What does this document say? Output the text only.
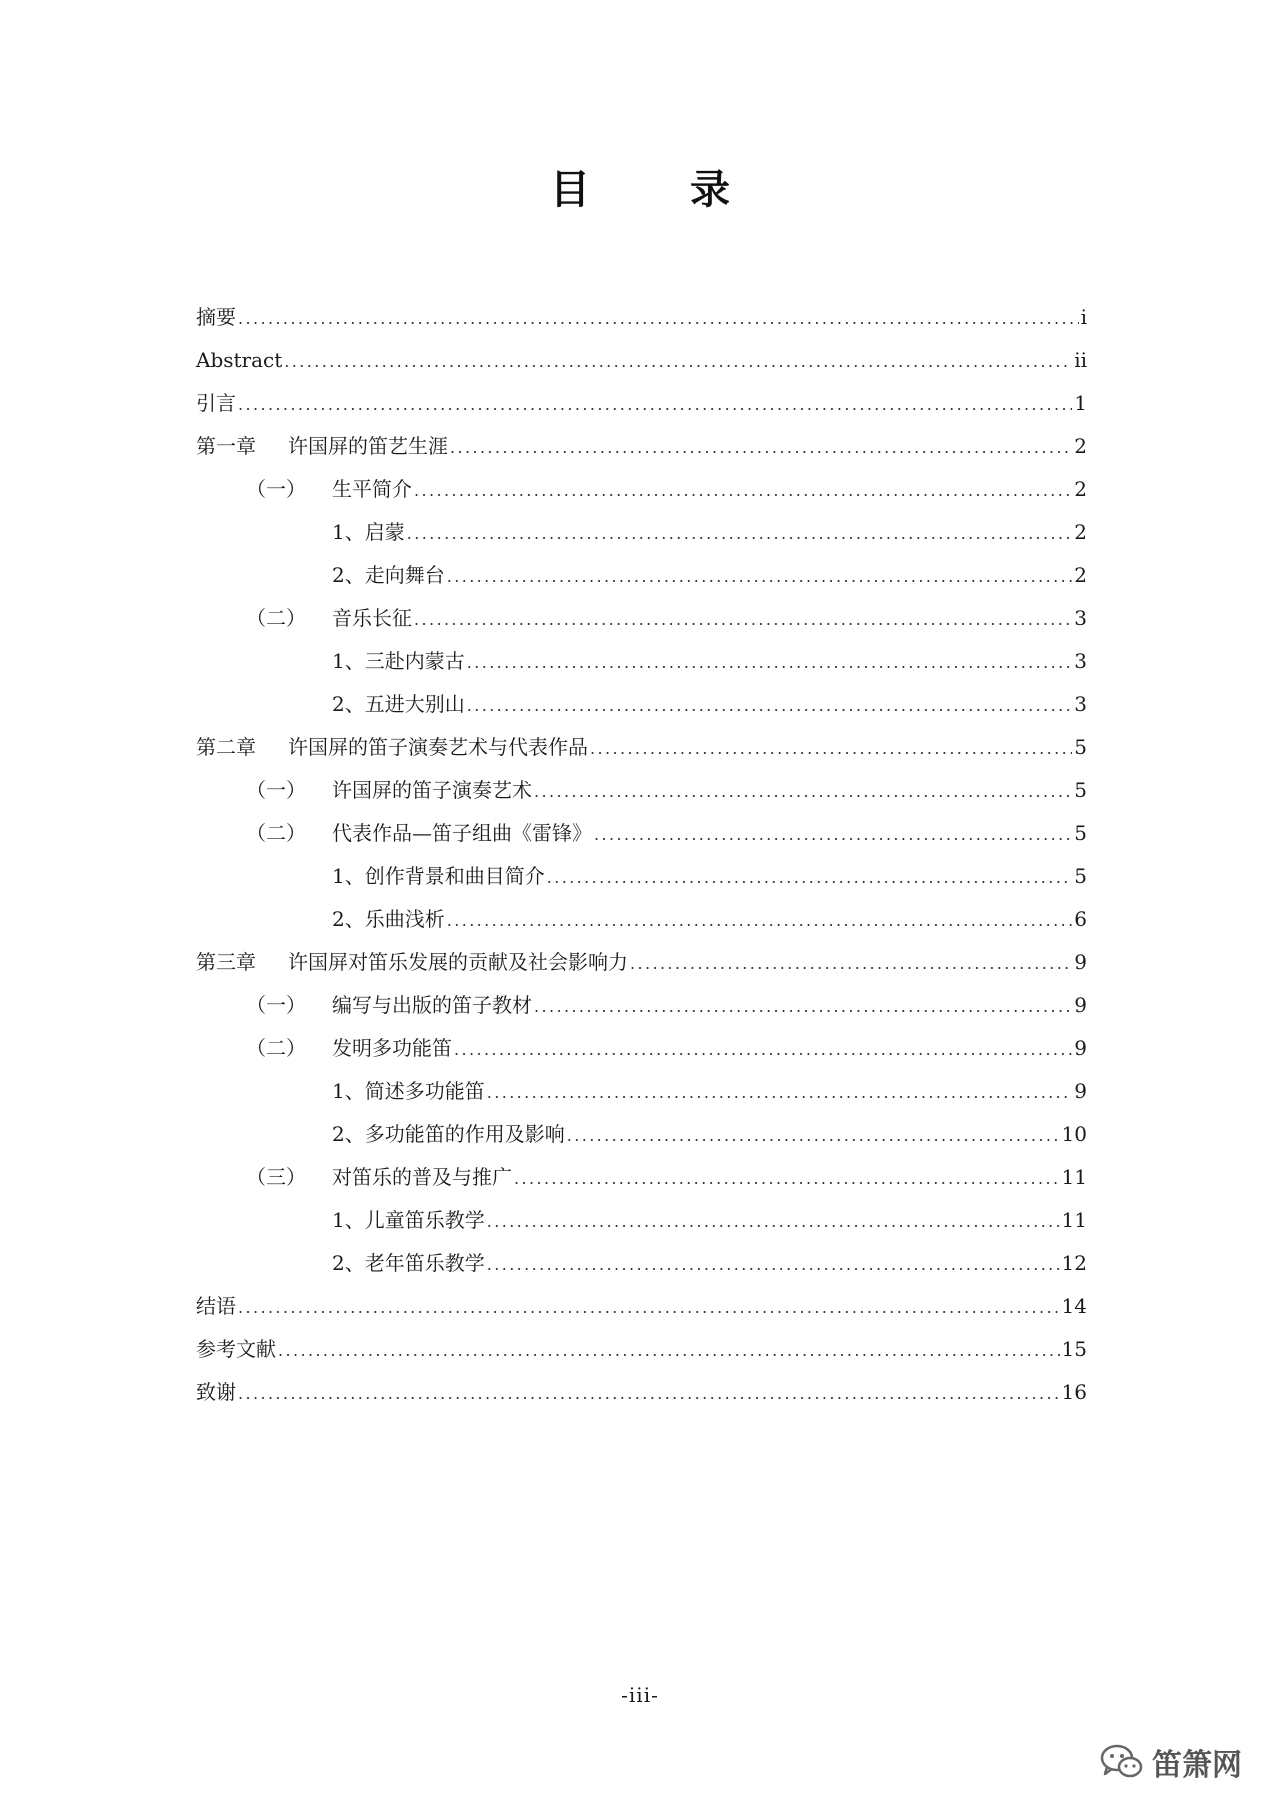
目　录
摘要 .....	i
Abstract .....	ii
引言 .....	1
第一章	许国屏的笛艺生涯 .....	2
（一）	生平简介 .....	2
1、启蒙 .....	2
2、走向舞台 .....	2
（二）	音乐长征 .....	3
1、三赴内蒙古 .....	3
2、五进大别山 .....	3
第二章	许国屏的笛子演奏艺术与代表作品 .....	5
（一）	许国屏的笛子演奏艺术 .....	5
（二）	代表作品—笛子组曲《雷锋》 .....	5
1、创作背景和曲目简介 .....	5
2、乐曲浅析 .....	6
第三章	许国屏对笛乐发展的贡献及社会影响力 .....	9
（一）	编写与出版的笛子教材 .....	9
（二）	发明多功能笛 .....	9
1、简述多功能笛 .....	9
2、多功能笛的作用及影响 .....	10
（三）	对笛乐的普及与推广 .....	11
1、儿童笛乐教学 .....	11
2、老年笛乐教学 .....	12
结语 .....	14
参考文献 .....	15
致谢 .....	16
-iii-
笛箫网
